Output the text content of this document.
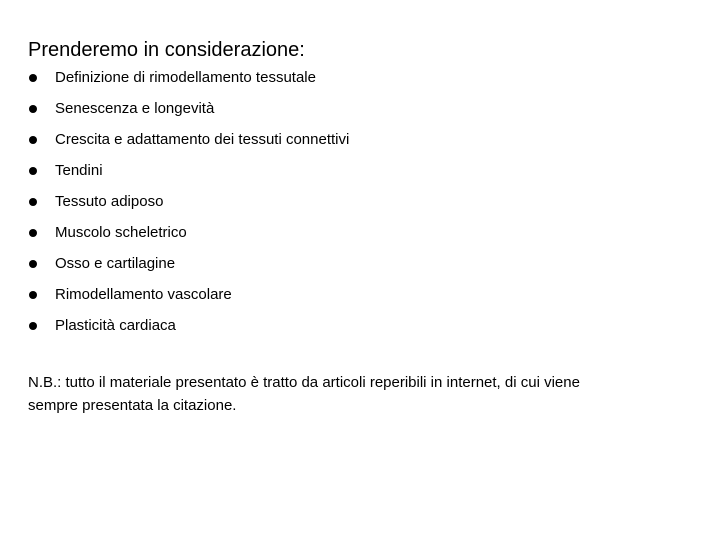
Prenderemo in considerazione:
Definizione di rimodellamento tessutale
Senescenza e longevità
Crescita e adattamento dei tessuti connettivi
Tendini
Tessuto adiposo
Muscolo scheletrico
Osso e cartilagine
Rimodellamento vascolare
Plasticità cardiaca

N.B.: tutto il materiale presentato è tratto da articoli reperibili in internet, di cui viene
sempre presentata la citazione.
